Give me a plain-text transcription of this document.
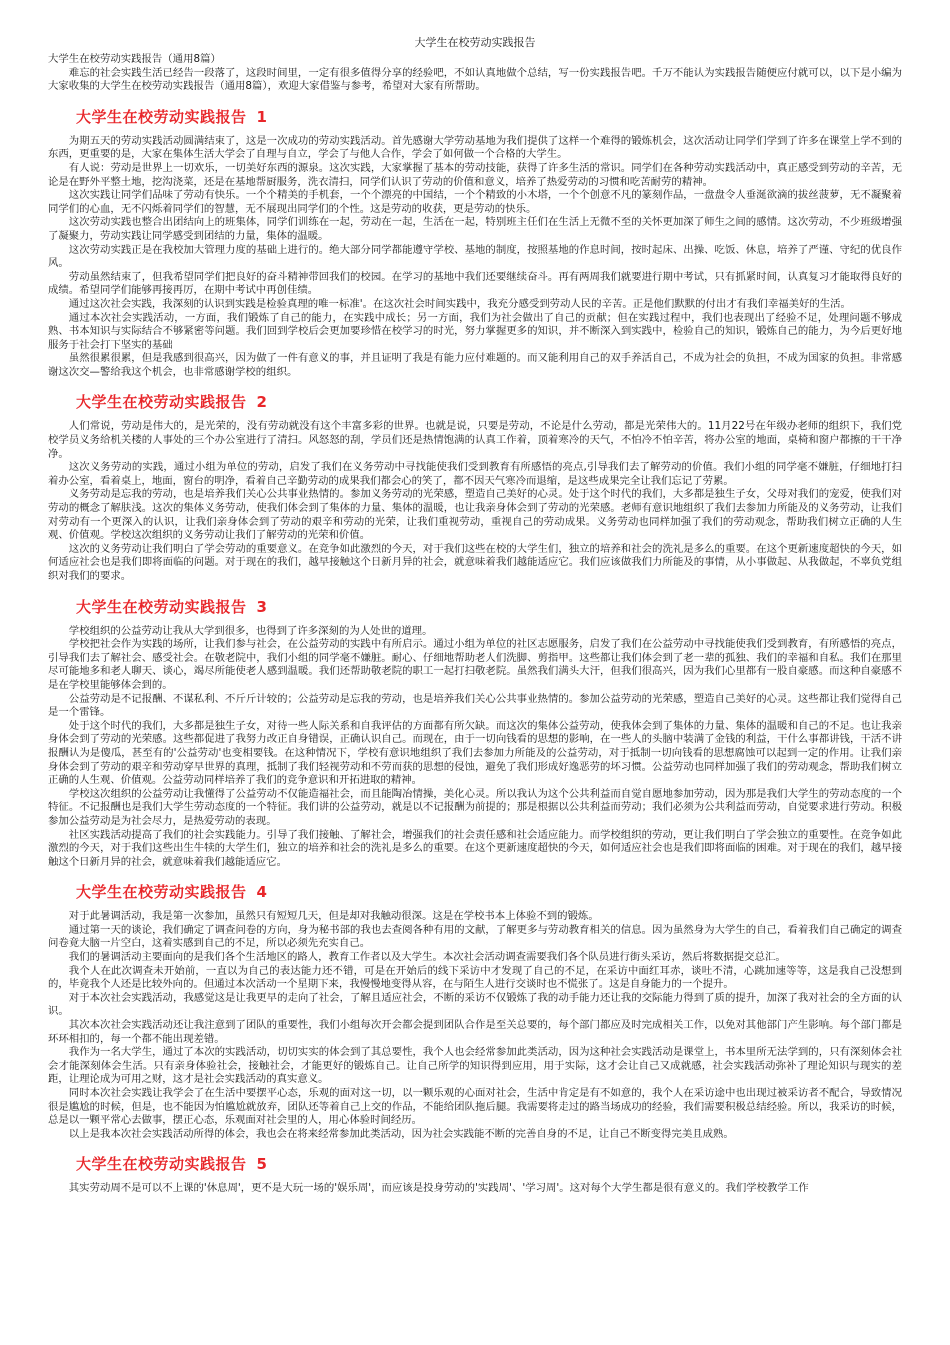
大学生在校劳动实践报告
大学生在校劳动实践报告（通用8篇）

难忘的社会实践生活已经告一段落了，这段时间里，一定有很多值得分享的经验吧，不如认真地做个总结，写一份实践报告吧。千万不能认为实践报告随便应付就可以，以下是小编为大家收集的大学生在校劳动实践报告（通用8篇），欢迎大家借鉴与参考，希望对大家有所帮助。

大学生在校劳动实践报告 1

为期五天的劳动实践活动圆满结束了，这是一次成功的劳动实践活动。首先感谢大学劳动基地为我们提供了这样一个难得的锻炼机会，这次活动让同学们学到了许多在课堂上学不到的东西，更重要的是，大家在集体生活大学会了自理与自立，学会了与他人合作，学会了如何做一个合格的大学生。

有人说：劳动是世界上一切欢乐，一切美好东西的源泉。这次实践，大家掌握了基本的劳动技能，获得了许多生活的常识。同学们在各种劳动实践活动中，真正感受到劳动的辛苦，无论是在野外平整土地，挖沟浇菜，还是在基地帮厨服务，洗衣清扫，同学们认识了劳动的价值和意义，培养了热爱劳动的习惯和吃苦耐劳的精神。

这次实践让同学们品味了劳动有快乐。一个个精美的手机套，一个个漂亮的中国结，一个个精致的小木塔，一个个创意不凡的篆刻作品，一盘盘令人垂涎欲滴的拔丝菠萝，无不凝聚着同学们的心血，无不闪烁着同学们的智慧，无不展现出同学们的个性。这是劳动的收获，更是劳动的快乐。

这次劳动实践也整合出团结向上的班集体，同学们训练在一起，劳动在一起，生活在一起，特别班主任们在生活上无微不至的关怀更加深了师生之间的感情。这次劳动，不少班级增强了凝聚力，劳动实践让同学感受到团结的力量，集体的温暖。

这次劳动实践正是在我校加大管理力度的基础上进行的。绝大部分同学都能遵守学校、基地的制度，按照基地的作息时间，按时起床、出操、吃饭、休息，培养了严谨、守纪的优良作风。

劳动虽然结束了，但我希望同学们把良好的奋斗精神带回我们的校园。在学习的基地中我们还要继续奋斗。再有两周我们就要进行期中考试，只有抓紧时间，认真复习才能取得良好的成绩。希望同学们能够再接再厉，在期中考试中再创佳绩。

通过这次社会实践，我深刻的认识到实践是检验真理的唯一标准'。在这次社会时间实践中，我充分感受到劳动人民的辛苦。正是他们默默的付出才有我们幸福美好的生活。

通过本次社会实践活动，一方面，我们锻炼了自己的能力，在实践中成长；另一方面，我们为社会做出了自己的贡献；但在实践过程中，我们也表现出了经验不足，处理问题不够成熟、书本知识与实际结合不够紧密等问题。我们回到学校后会更加要珍惜在校学习的时光，努力掌握更多的知识，并不断深入到实践中，检验自己的知识，锻炼自己的能力，为今后更好地服务于社会打下坚实的基础

虽然很累很累，但是我感到很高兴，因为做了一件有意义的事，并且证明了我是有能力应付难题的。而又能利用自己的双手养活自己，不成为社会的负担，不成为国家的负担。非常感谢这次交—警给我这个机会，也非常感谢学校的组织。

大学生在校劳动实践报告 2

人们常说，劳动是伟大的，是光荣的，没有劳动就没有这个丰富多彩的世界。也就是说，只要是劳动，不论是什么劳动，都是光荣伟大的。11月22号在年级办老师的组织下，我们党校学员义务给机关楼的人事处的三个办公室进行了清扫。风怒怒的刮，学员们还是热情饱满的认真工作着，顶着寒冷的天气，不怕冷不怕辛苦，将办公室的地面，桌椅和窗户都擦的干干净净。

这次义务劳动的实践，通过小组为单位的劳动，启发了我们在义务劳动中寻找能使我们受到教育有所感悟的亮点,引导我们去了解劳动的价值。我们小组的同学毫不嫌脏，仔细地打扫着办公室，看着桌上，地面，窗台的明净，看着自己辛勤劳动的成果我们都会心的笑了，都不因天气寒冷而退缩，是这些成果完全让我们忘记了劳累。

义务劳动是忘我的劳动，也是培养我们关心公共事业热情的。参加义务劳动的光荣感，塑造自己美好的心灵。处于这个时代的我们，大多都是独生子女，父母对我们的宠爱，使我们对劳动的概念了解肤浅。这次的集体义务劳动，使我们体会到了集体的力量、集体的温暖，也让我亲身体会到了劳动的光荣感。老师有意识地组织了我们去参加力所能及的义务劳动，让我们对劳动有一个更深入的认识，让我们亲身体会到了劳动的艰辛和劳动的光荣，让我们重视劳动，重视自己的劳动成果。义务劳动也同样加强了我们的劳动观念，帮助我们树立正确的人生观、价值观。学校这次组织的义务劳动让我们了解劳动的光荣和价值。

这次的义务劳动让我们明白了学会劳动的重要意义。在竞争如此激烈的今天，对于我们这些在校的大学生们，独立的培养和社会的洗礼是多么的重要。在这个更新速度超快的今天，如何适应社会也是我们即将面临的问题。对于现在的我们，越早接触这个日新月异的社会，就意味着我们越能适应它。我们应该做我们力所能及的事情，从小事做起、从我做起，不辜负党组织对我们的要求。

大学生在校劳动实践报告 3

学校组织的公益劳动让我从大学到很多，也得到了许多深刻的为人处世的道理。

学校把社会作为实践的场所，让我们参与社会，在公益劳动的实践中有所启示。通过小组为单位的社区志愿服务，启发了我们在公益劳动中寻找能使我们受到教育，有所感悟的亮点，引导我们去了解社会、感受社会。在敬老院中，我们小组的同学毫不嫌脏。耐心、仔细地帮助老人们洗脚、剪指甲。这些都让我们体会到了老一辈的孤独、我们的幸福和自私。我们在那里尽可能地多和老人聊天、谈心，竭尽所能使老人感到温暖。我们还帮助敬老院的职工一起打扫敬老院。虽然我们满头大汗，但我们很高兴，因为我们心里都有一股自豪感。而这种自豪感不是在学校里能够体会到的。

公益劳动是不记报酬、不谋私利、不斤斤计较的；公益劳动是忘我的劳动，也是培养我们关心公共事业热情的。参加公益劳动的光荣感，塑造自己美好的心灵。这些都让我们觉得自己是一个雷锋。

处于这个时代的我们，大多都是独生子女，对待一些人际关系和自我评估的方面都有所欠缺。而这次的集体公益劳动，使我体会到了集体的力量、集体的温暖和自己的不足。也让我亲身体会到了劳动的光荣感。这些都促进了我努力改正自身错误，正确认识自己。而现在，由于一切向钱看的思想的影响，在一些人的头脑中装满了金钱的利益，干什么事都讲钱，干活不讲报酬认为是傻瓜，甚至有的'公益劳动'也变相要钱。在这种情况下，学校有意识地组织了我们去参加力所能及的公益劳动，对于抵制一切向钱看的思想腐蚀可以起到一定的作用。让我们亲身体会到了劳动的艰辛和劳动穿早世界的真理，抵制了我们轻视劳动和不劳而获的思想的侵蚀，避免了我们形成好逸恶劳的坏习惯。公益劳动也同样加强了我们的劳动观念，帮助我们树立正确的人生观、价值观。公益劳动同样培养了我们的竞争意识和开拓进取的精神。

学校这次组织的公益劳动让我懂得了公益劳动不仅能造福社会，而且能陶冶情操，美化心灵。所以我认为这个公共利益而自觉自愿地参加劳动，因为那是我们大学生的劳动态度的一个特征。不记报酬也是我们大学生劳动态度的一个特征。我们讲的公益劳动，就是以不记报酬为前提的；那是根据以公共利益而劳动；我们必须为公共利益而劳动，自觉要求进行劳动。积极参加公益劳动是为社会尽力，是热爱劳动的表现。

社区实践活动提高了我们的社会实践能力。引导了我们接触、了解社会，增强我们的社会责任感和社会适应能力。而学校组织的劳动，更让我们明白了学会独立的重要性。在竞争如此激烈的今天，对于我们这些出生牛犊的大学生们，独立的培养和社会的洗礼是多么的重要。在这个更新速度超快的今天，如何适应社会也是我们即将面临的困难。对于现在的我们，越早接触这个日新月异的社会，就意味着我们越能适应它。

大学生在校劳动实践报告 4

对于此暑调活动，我是第一次参加，虽然只有短短几天，但是却对我触动很深。这是在学校书本上体验不到的锻炼。

通过第一天的谈论，我们确定了调查问卷的方向，身为秘书部的我也去查阅各种有用的文献，了解更多与劳动教育相关的信息。因为虽然身为大学生的自己，看着我们自己确定的调查问卷竟大脑一片空白，这着实感到自己的不足，所以必须先充实自己。

我们的暑调活动主要面向的是我们各个生活地区的路人，教育工作者以及大学生。本次社会活动调查需要我们各个队员进行街头采访，然后将数据提交总汇。

我个人在此次调查未开始前，一直以为自己的表达能力还不错，可是在开始后的线下采访中才发现了自己的不足，在采访中面红耳赤，谈吐不清，心跳加速等等，这是我自己没想到的，毕竟我个人还是比较外向的。但通过本次活动一个星期下来，我慢慢地变得从容，在与陌生人进行交谈时也不慌张了。这是自身能力的一个提升。

对于本次社会实践活动，我感觉这是让我更早的走向了社会，了解且适应社会，不断的采访不仅锻炼了我的动手能力还让我的交际能力得到了质的提升，加深了我对社会的全方面的认识。

其次本次社会实践活动还让我注意到了团队的重要性，我们小组每次开会都会提到团队合作是至关总要的，每个部门都应及时完成相关工作，以免对其他部门产生影响。每个部门都是环环相扣的，每一个都不能出现差错。

我作为一名大学生，通过了本次的实践活动，切切实实的体会到了其总要性，我个人也会经常参加此类活动，因为这种社会实践活动是课堂上，书本里所无法学到的，只有深刻体会社会才能深刻体会生活。只有亲身体验社会，接触社会，才能更好的锻炼自己。让自己所学的知识得到应用，用于实际，这才会让自己又成就感，社会实践活动弥补了理论知识与现实的差距，让理论成为可用之财，这才是社会实践活动的真实意义。

同时本次社会实践让我学会了在生活中要摆平心态，乐观的面对这一切，以一颗乐观的心面对社会，生活中肯定是有不如意的，我个人在采访途中也出现过被采访者不配合，导致情况很是尴尬的时候，但是，也不能因为怕尴尬就放弃，团队还等着自己上交的作品，不能给团队拖后腿。我需要将走过的路当场成功的经验，我们需要积极总结经验。所以，我采访的时候，总是以一颗平常心去做事，摆正心态，乐观面对社会里的人，用心体验时间经历。

以上是我本次社会实践活动所得的体会，我也会在将来经常参加此类活动，因为社会实践能不断的完善自身的不足，让自己不断变得完美且成熟。

大学生在校劳动实践报告 5

其实劳动周不是可以不上课的'休息周'，更不是大玩一场的'娱乐周'，而应该是投身劳动的'实践周'、'学习周'。这对每个大学生都是很有意义的。我们学校教学工作
